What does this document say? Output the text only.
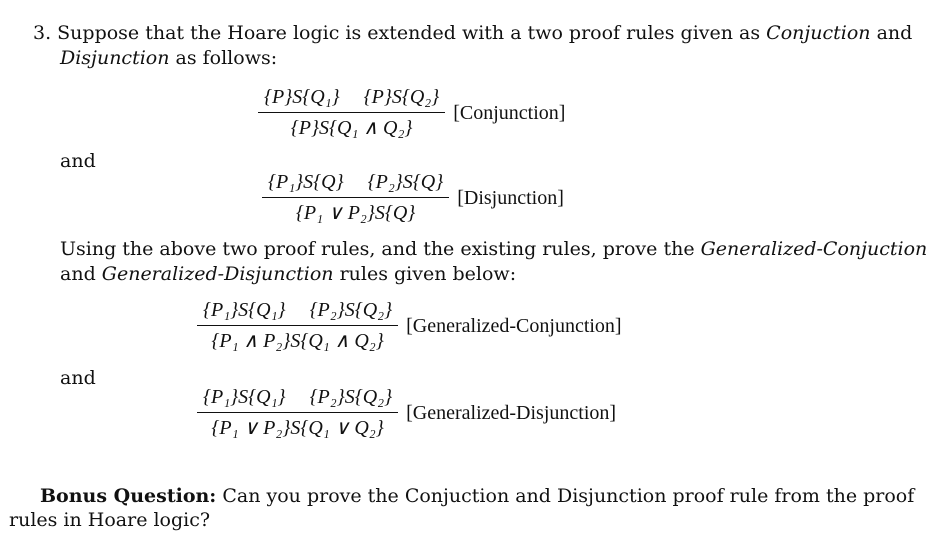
3. Suppose that the Hoare logic is extended with a two proof rules given as Conjuction and
Disjunction as follows:
$\frac{\text{\{P\}S\{Q₁\} \{P\}S\{Q₂\}}}{\text{\{P\}S\{Q₁ ∧ Q₂\}}}$ [Conjunction]
and
$\frac{\text{\{P₁\}S\{Q\} \{P₂\}S\{Q\}}}{\text{\{P₁ ∨ P₂\}S\{Q\}}}$ [Disjunction]
Using the above two proof rules, and the existing rules, prove the Generalized-Conjuction
and Generalized-Disjunction rules given below:
$\frac{\text{\{P₁\}S\{Q₁\} \{P₂\}S\{Q₂\}}}{\text{\{P₁ ∧ P₂\}S\{Q₁ ∧ Q₂\}}}$ [Generalized-Conjunction]
and
$\frac{\text{\{P₁\}S\{Q₁\} \{P₂\}S\{Q₂\}}}{\text{\{P₁ ∨ P₂\}S\{Q₁ ∨ Q₂\}}}$ [Generalized-Disjunction]
Bonus Question: Can you prove the Conjuction and Disjunction proof rule from the proof
rules in Hoare logic?
